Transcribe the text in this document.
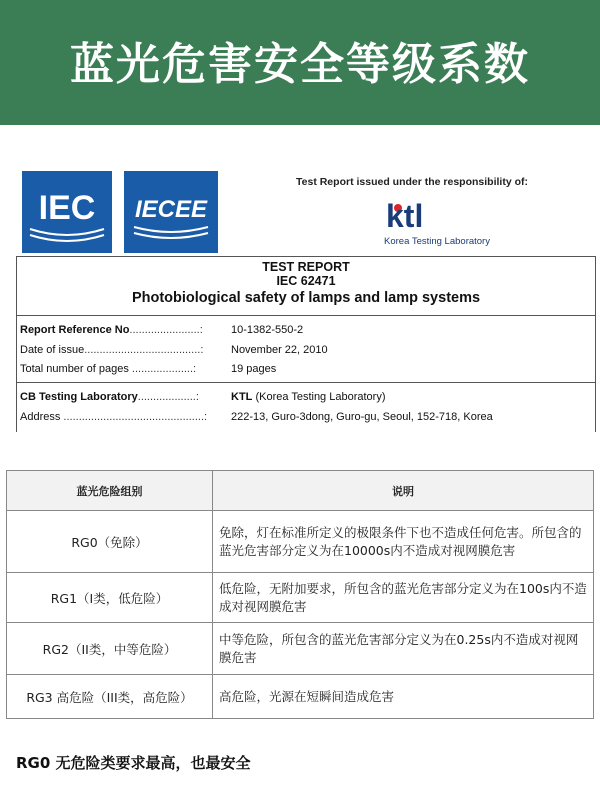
蓝光危害安全等级系数
IEC IECEE
Test Report issued under the responsibility of:
ktl
Korea Testing Laboratory
TEST REPORT
IEC 62471
Photobiological safety of lamps and lamp systems
Report Reference No.......................:	10-1382-550-2
Date of issue......................................:	November 22, 2010
Total number of pages ....................:	19 pages
CB Testing Laboratory...................:	KTL (Korea Testing Laboratory)
Address ..............................................: 222-13, Guro-3dong, Guro-gu, Seoul, 152-718, Korea
蓝光危险组别	说明
RG0（免除）	免除，灯在标准所定义的极限条件下也不造成任何危害。所包含的蓝光危害部分定义为在10000s内不造成对视网膜危害
RG1（I类，低危险）	低危险，无附加要求，所包含的蓝光危害部分定义为在100s内不造成对视网膜危害
RG2（II类，中等危险）	中等危险，所包含的蓝光危害部分定义为在0.25s内不造成对视网膜危害
RG3 高危险（III类，高危险）	高危险，光源在短瞬间造成危害
RG0 无危险类要求最高，也最安全
